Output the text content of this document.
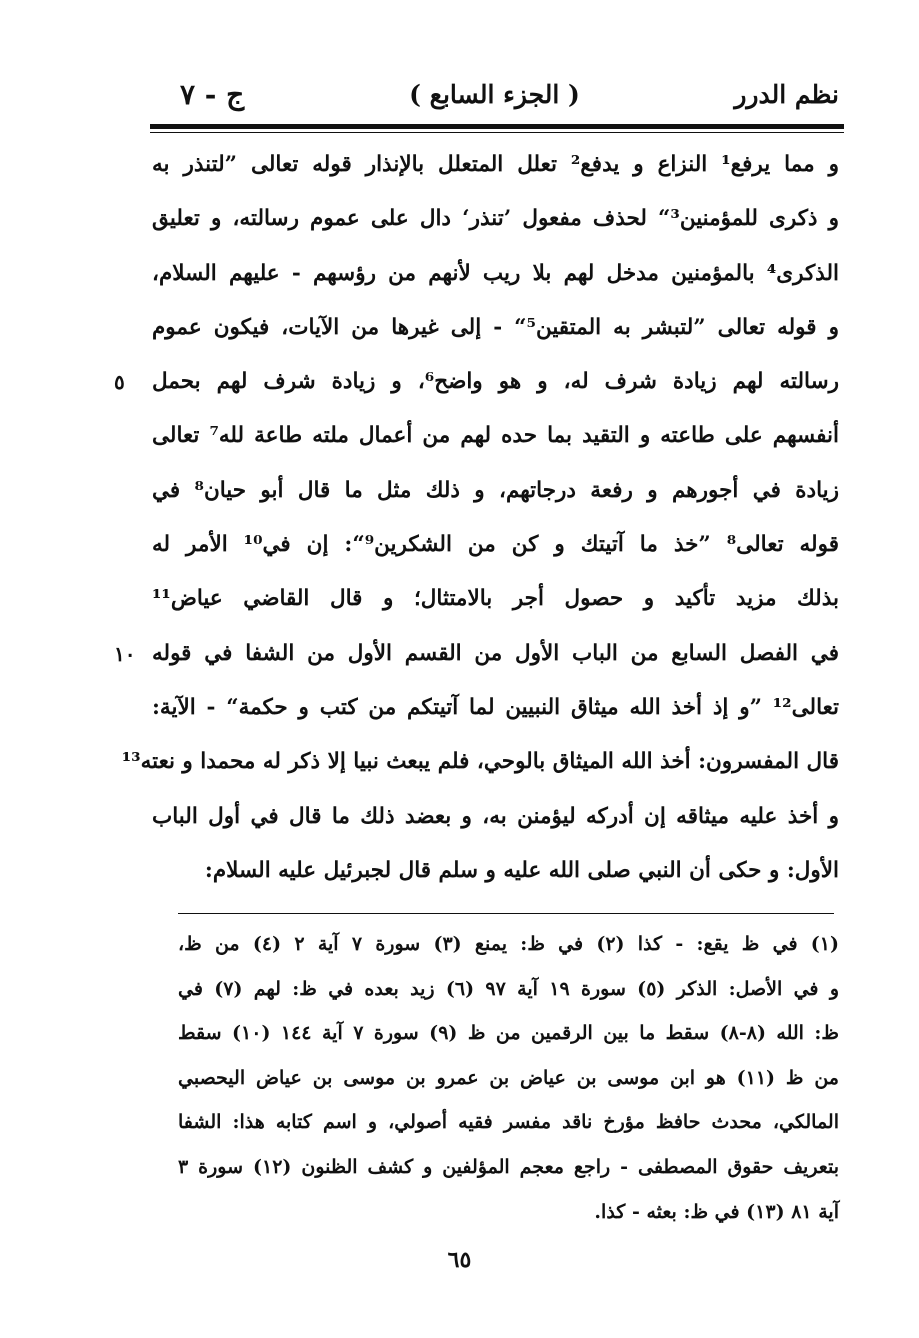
نظم الدرر
( الجزء السابع )
ج - ٧
و مما يرفع¹ النزاع و يدفع² تعلل المتعلل بالإنذار قوله تعالى ”لتنذر به
و ذكرى للمؤمنين³“ لحذف مفعول ’تنذر‘ دال على عموم رسالته، و تعليق
الذكرى⁴ بالمؤمنين مدخل لهم بلا ريب لأنهم من رؤسهم - عليهم السلام،
و قوله تعالى ”لتبشر به المتقين⁵“ - إلى غيرها من الآيات، فيكون عموم
رسالته لهم زيادة شرف له، و هو واضح⁶، و زيادة شرف لهم بحمل
٥
أنفسهم على طاعته و التقيد بما حده لهم من أعمال ملته طاعة لله⁷ تعالى
زيادة في أجورهم و رفعة درجاتهم، و ذلك مثل ما قال أبو حيان⁸ في
قوله تعالى⁸ ”خذ ما آتيتك و كن من الشكرين⁹“: إن في¹⁰ الأمر له
بذلك مزيد تأكيد و حصول أجر بالامتثال؛ و قال القاضي عياض¹¹
في الفصل السابع من الباب الأول من القسم الأول من الشفا في قوله
١٠
تعالى¹² ”و إذ أخذ الله ميثاق النبيين لما آتيتكم من كتب و حكمة“ - الآية:
قال المفسرون: أخذ الله الميثاق بالوحي، فلم يبعث نبيا إلا ذكر له محمدا و نعته¹³
و أخذ عليه ميثاقه إن أدركه ليؤمنن به، و بعضد ذلك ما قال في أول الباب
الأول: و حكى أن النبي صلى الله عليه و سلم قال لجبرئيل عليه السلام:
(١) في ظ يقع: - كذا (٢) في ظ: يمنع (٣) سورة ٧ آية ٢ (٤) من ظ،
و في الأصل: الذكر (٥) سورة ١٩ آية ٩٧ (٦) زيد بعده في ظ: لهم (٧) في
ظ: الله (٨-٨) سقط ما بين الرقمين من ظ (٩) سورة ٧ آية ١٤٤ (١٠) سقط
من ظ (١١) هو ابن موسى بن عياض بن عمرو بن موسى بن عياض اليحصبي
المالكي، محدث حافظ مؤرخ ناقد مفسر فقيه أصولي، و اسم كتابه هذا: الشفا
بتعريف حقوق المصطفى - راجع معجم المؤلفين و كشف الظنون (١٢) سورة ٣
آية ٨١ (١٣) في ظ: بعثه - كذا.
٦٥
